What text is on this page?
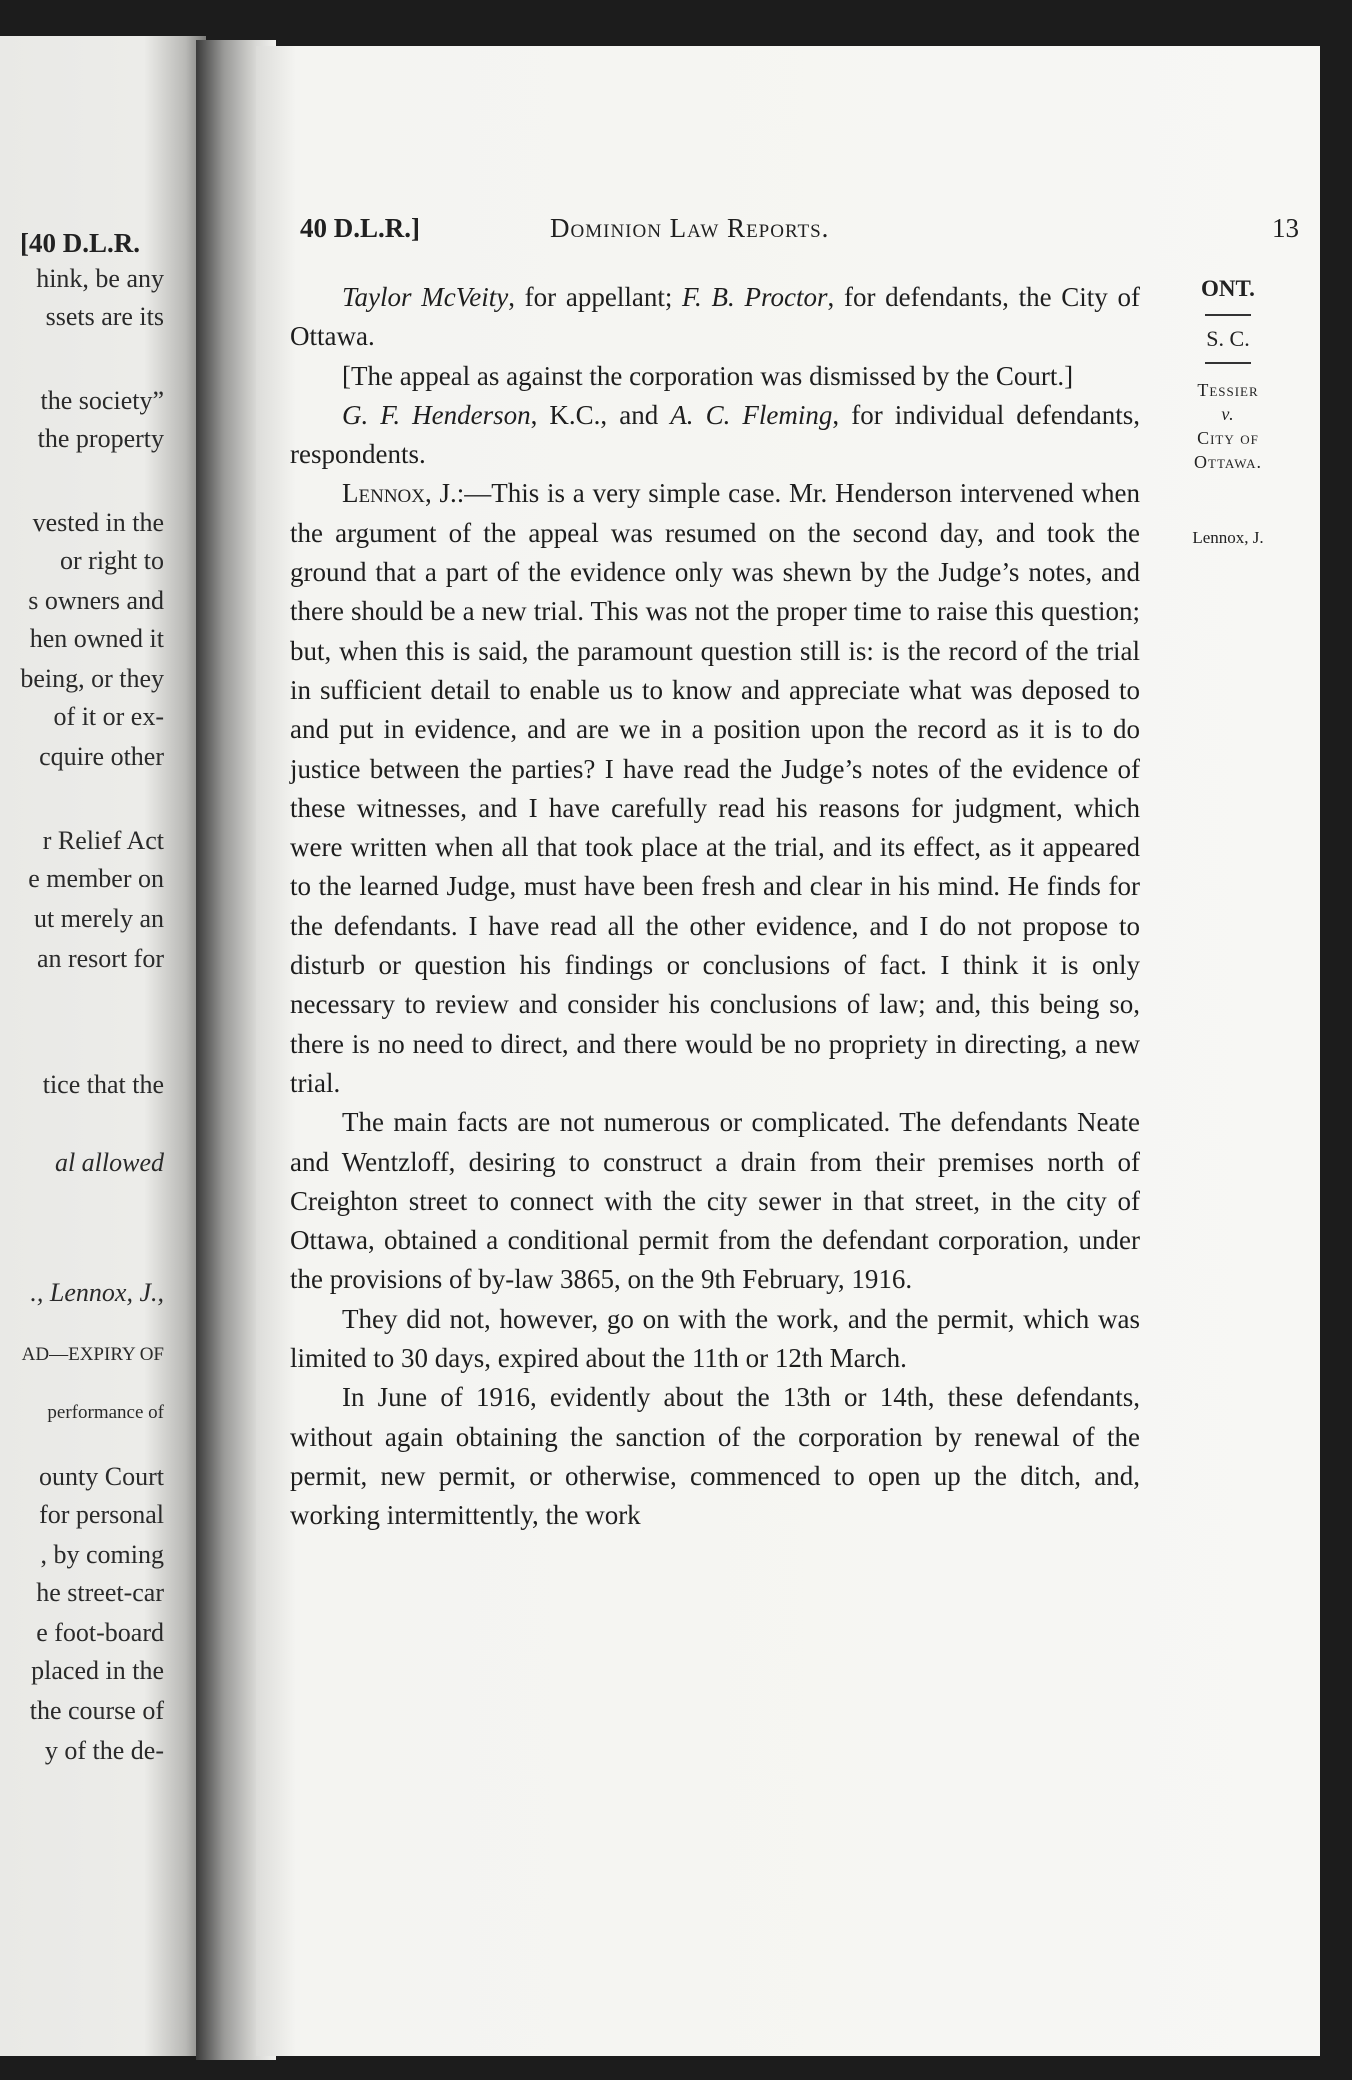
[40 D.L.R.
hink, be any
ssets are its
the society”
the property
vested in the
or right to
s owners and
hen owned it
being, or they
of it or ex-
cquire other
r Relief Act
e member on
ut merely an
an resort for
tice that the
al allowed
., Lennox, J.,
AD—EXPIRY OF
performance of
ounty Court
for personal
, by coming
he street-car
e foot-board
placed in the
the course of
y of the de-
40 D.L.R.]	Dominion Law Reports.	13
ONT.
S. C.
Tessier
v.
City of
Ottawa.
Lennox, J.

Taylor McVeity, for appellant; F. B. Proctor, for defendants, the City of Ottawa.

[The appeal as against the corporation was dismissed by the Court.]

G. F. Henderson, K.C., and A. C. Fleming, for individual defendants, respondents.

Lennox, J.:—This is a very simple case. Mr. Henderson intervened when the argument of the appeal was resumed on the second day, and took the ground that a part of the evidence only was shewn by the Judge’s notes, and there should be a new trial. This was not the proper time to raise this question; but, when this is said, the paramount question still is: is the record of the trial in sufficient detail to enable us to know and appreciate what was deposed to and put in evidence, and are we in a position upon the record as it is to do justice between the parties? I have read the Judge’s notes of the evidence of these witnesses, and I have carefully read his reasons for judgment, which were written when all that took place at the trial, and its effect, as it appeared to the learned Judge, must have been fresh and clear in his mind. He finds for the defendants. I have read all the other evidence, and I do not propose to disturb or question his findings or conclusions of fact. I think it is only necessary to review and consider his conclusions of law; and, this being so, there is no need to direct, and there would be no propriety in directing, a new trial.

The main facts are not numerous or complicated. The defendants Neate and Wentzloff, desiring to construct a drain from their premises north of Creighton street to connect with the city sewer in that street, in the city of Ottawa, obtained a conditional permit from the defendant corporation, under the provisions of by-law 3865, on the 9th February, 1916.

They did not, however, go on with the work, and the permit, which was limited to 30 days, expired about the 11th or 12th March.

In June of 1916, evidently about the 13th or 14th, these defendants, without again obtaining the sanction of the corporation by renewal of the permit, new permit, or otherwise, commenced to open up the ditch, and, working intermittently, the work
